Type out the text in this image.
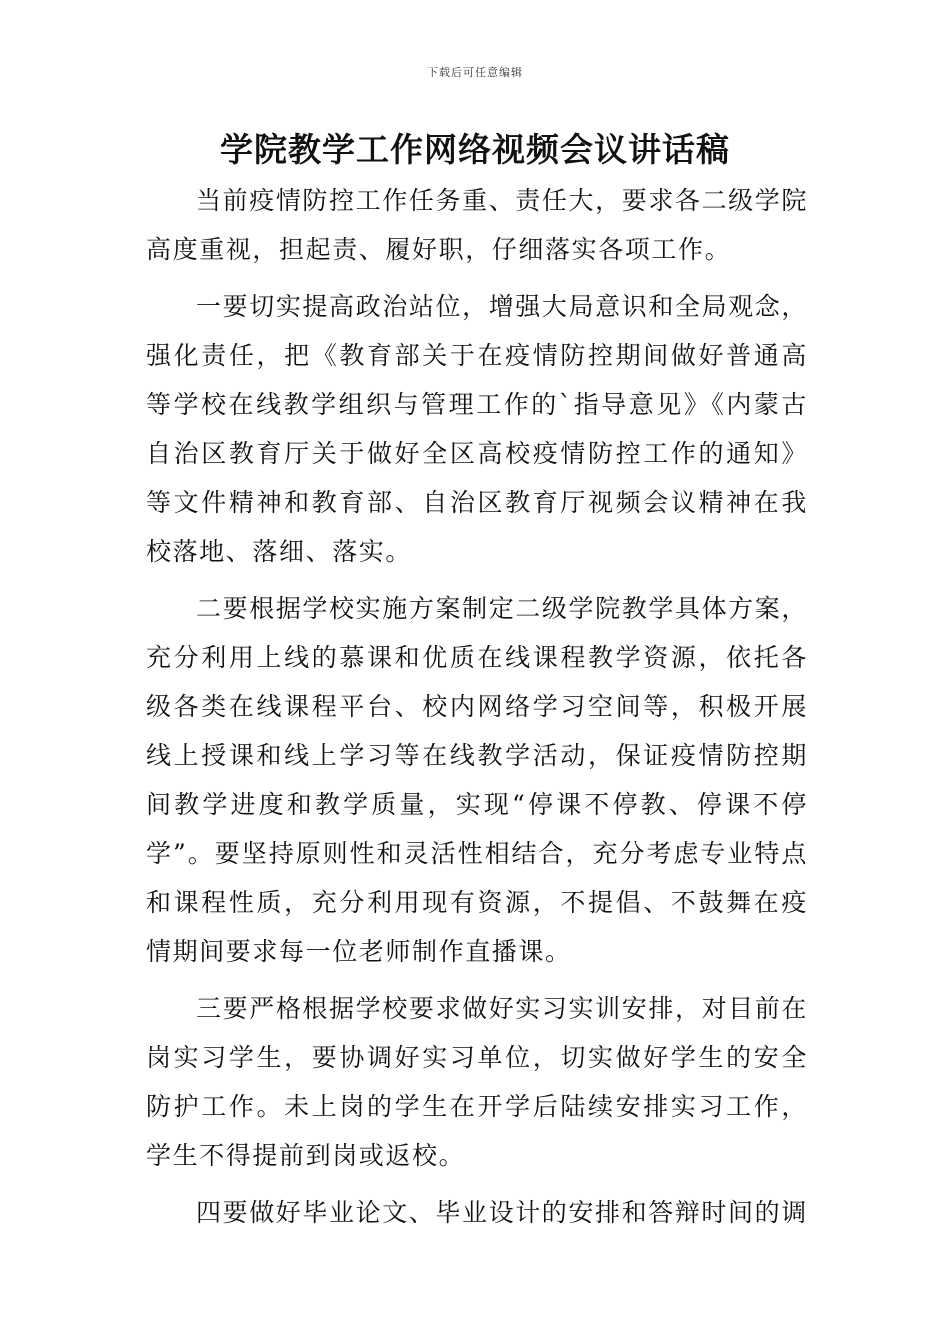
下载后可任意编辑
学院教学工作网络视频会议讲话稿

当前疫情防控工作任务重、责任大，要求各二级学院高度重视，担起责、履好职，仔细落实各项工作。

一要切实提高政治站位，增强大局意识和全局观念，强化责任，把《教育部关于在疫情防控期间做好普通高等学校在线教学组织与管理工作的`指导意见》《内蒙古自治区教育厅关于做好全区高校疫情防控工作的通知》等文件精神和教育部、自治区教育厅视频会议精神在我校落地、落细、落实。

二要根据学校实施方案制定二级学院教学具体方案，充分利用上线的慕课和优质在线课程教学资源，依托各级各类在线课程平台、校内网络学习空间等，积极开展线上授课和线上学习等在线教学活动，保证疫情防控期间教学进度和教学质量，实现“停课不停教、停课不停学”。要坚持原则性和灵活性相结合，充分考虑专业特点和课程性质，充分利用现有资源，不提倡、不鼓舞在疫情期间要求每一位老师制作直播课。

三要严格根据学校要求做好实习实训安排，对目前在岗实习学生，要协调好实习单位，切实做好学生的安全防护工作。未上岗的学生在开学后陆续安排实习工作，学生不得提前到岗或返校。

四要做好毕业论文、毕业设计的安排和答辩时间的调
